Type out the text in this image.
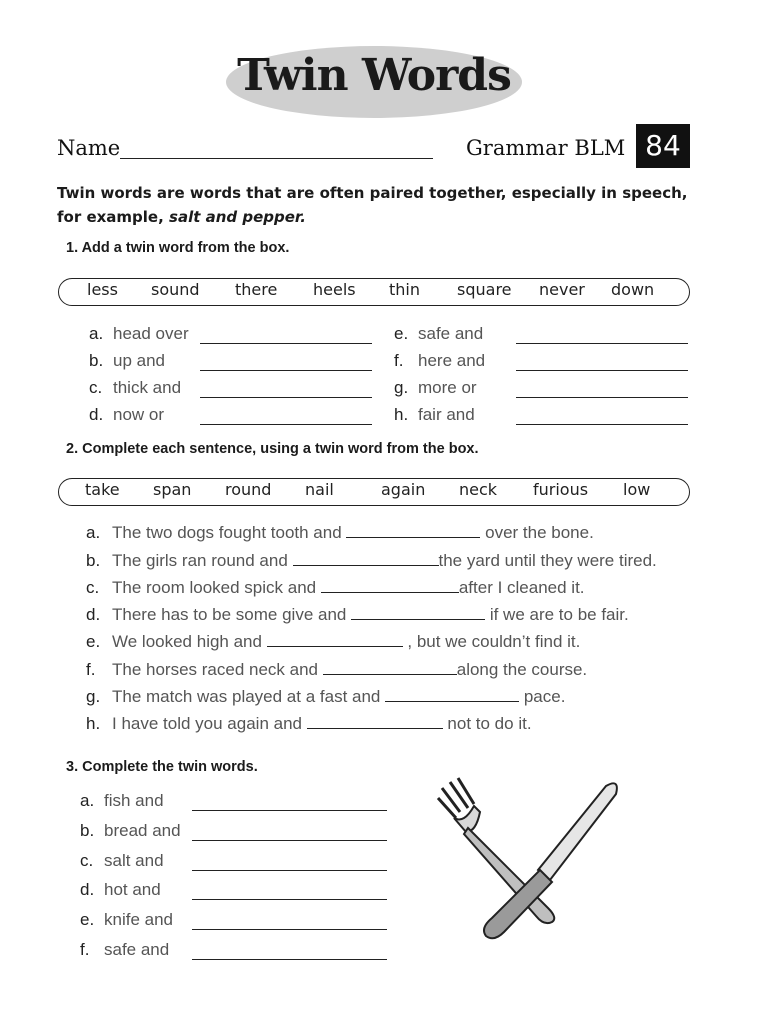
Twin Words
Name	Grammar BLM 84
Twin words are words that are often paired together, especially in speech, for example, salt and pepper.
1. Add a twin word from the box.
less sound there heels thin square never down
a. head over
b. up and
c. thick and
d. now or
e. safe and
f. here and
g. more or
h. fair and
2. Complete each sentence, using a twin word from the box.
take span round nail	again neck furious low
a. The two dogs fought tooth and	over the bone.
b. The girls ran round and	the yard until they were tired.
c. The room looked spick and	after I cleaned it.
d. There has to be some give and	if we are to be fair.
e. We looked high and	, but we couldn’t find it.
f. The horses raced neck and	along the course.
g. The match was played at a fast and	pace.
h. I have told you again and	not to do it.
3. Complete the twin words.
a. fish and
b. bread and
c. salt and
d. hot and
e. knife and
f. safe and
